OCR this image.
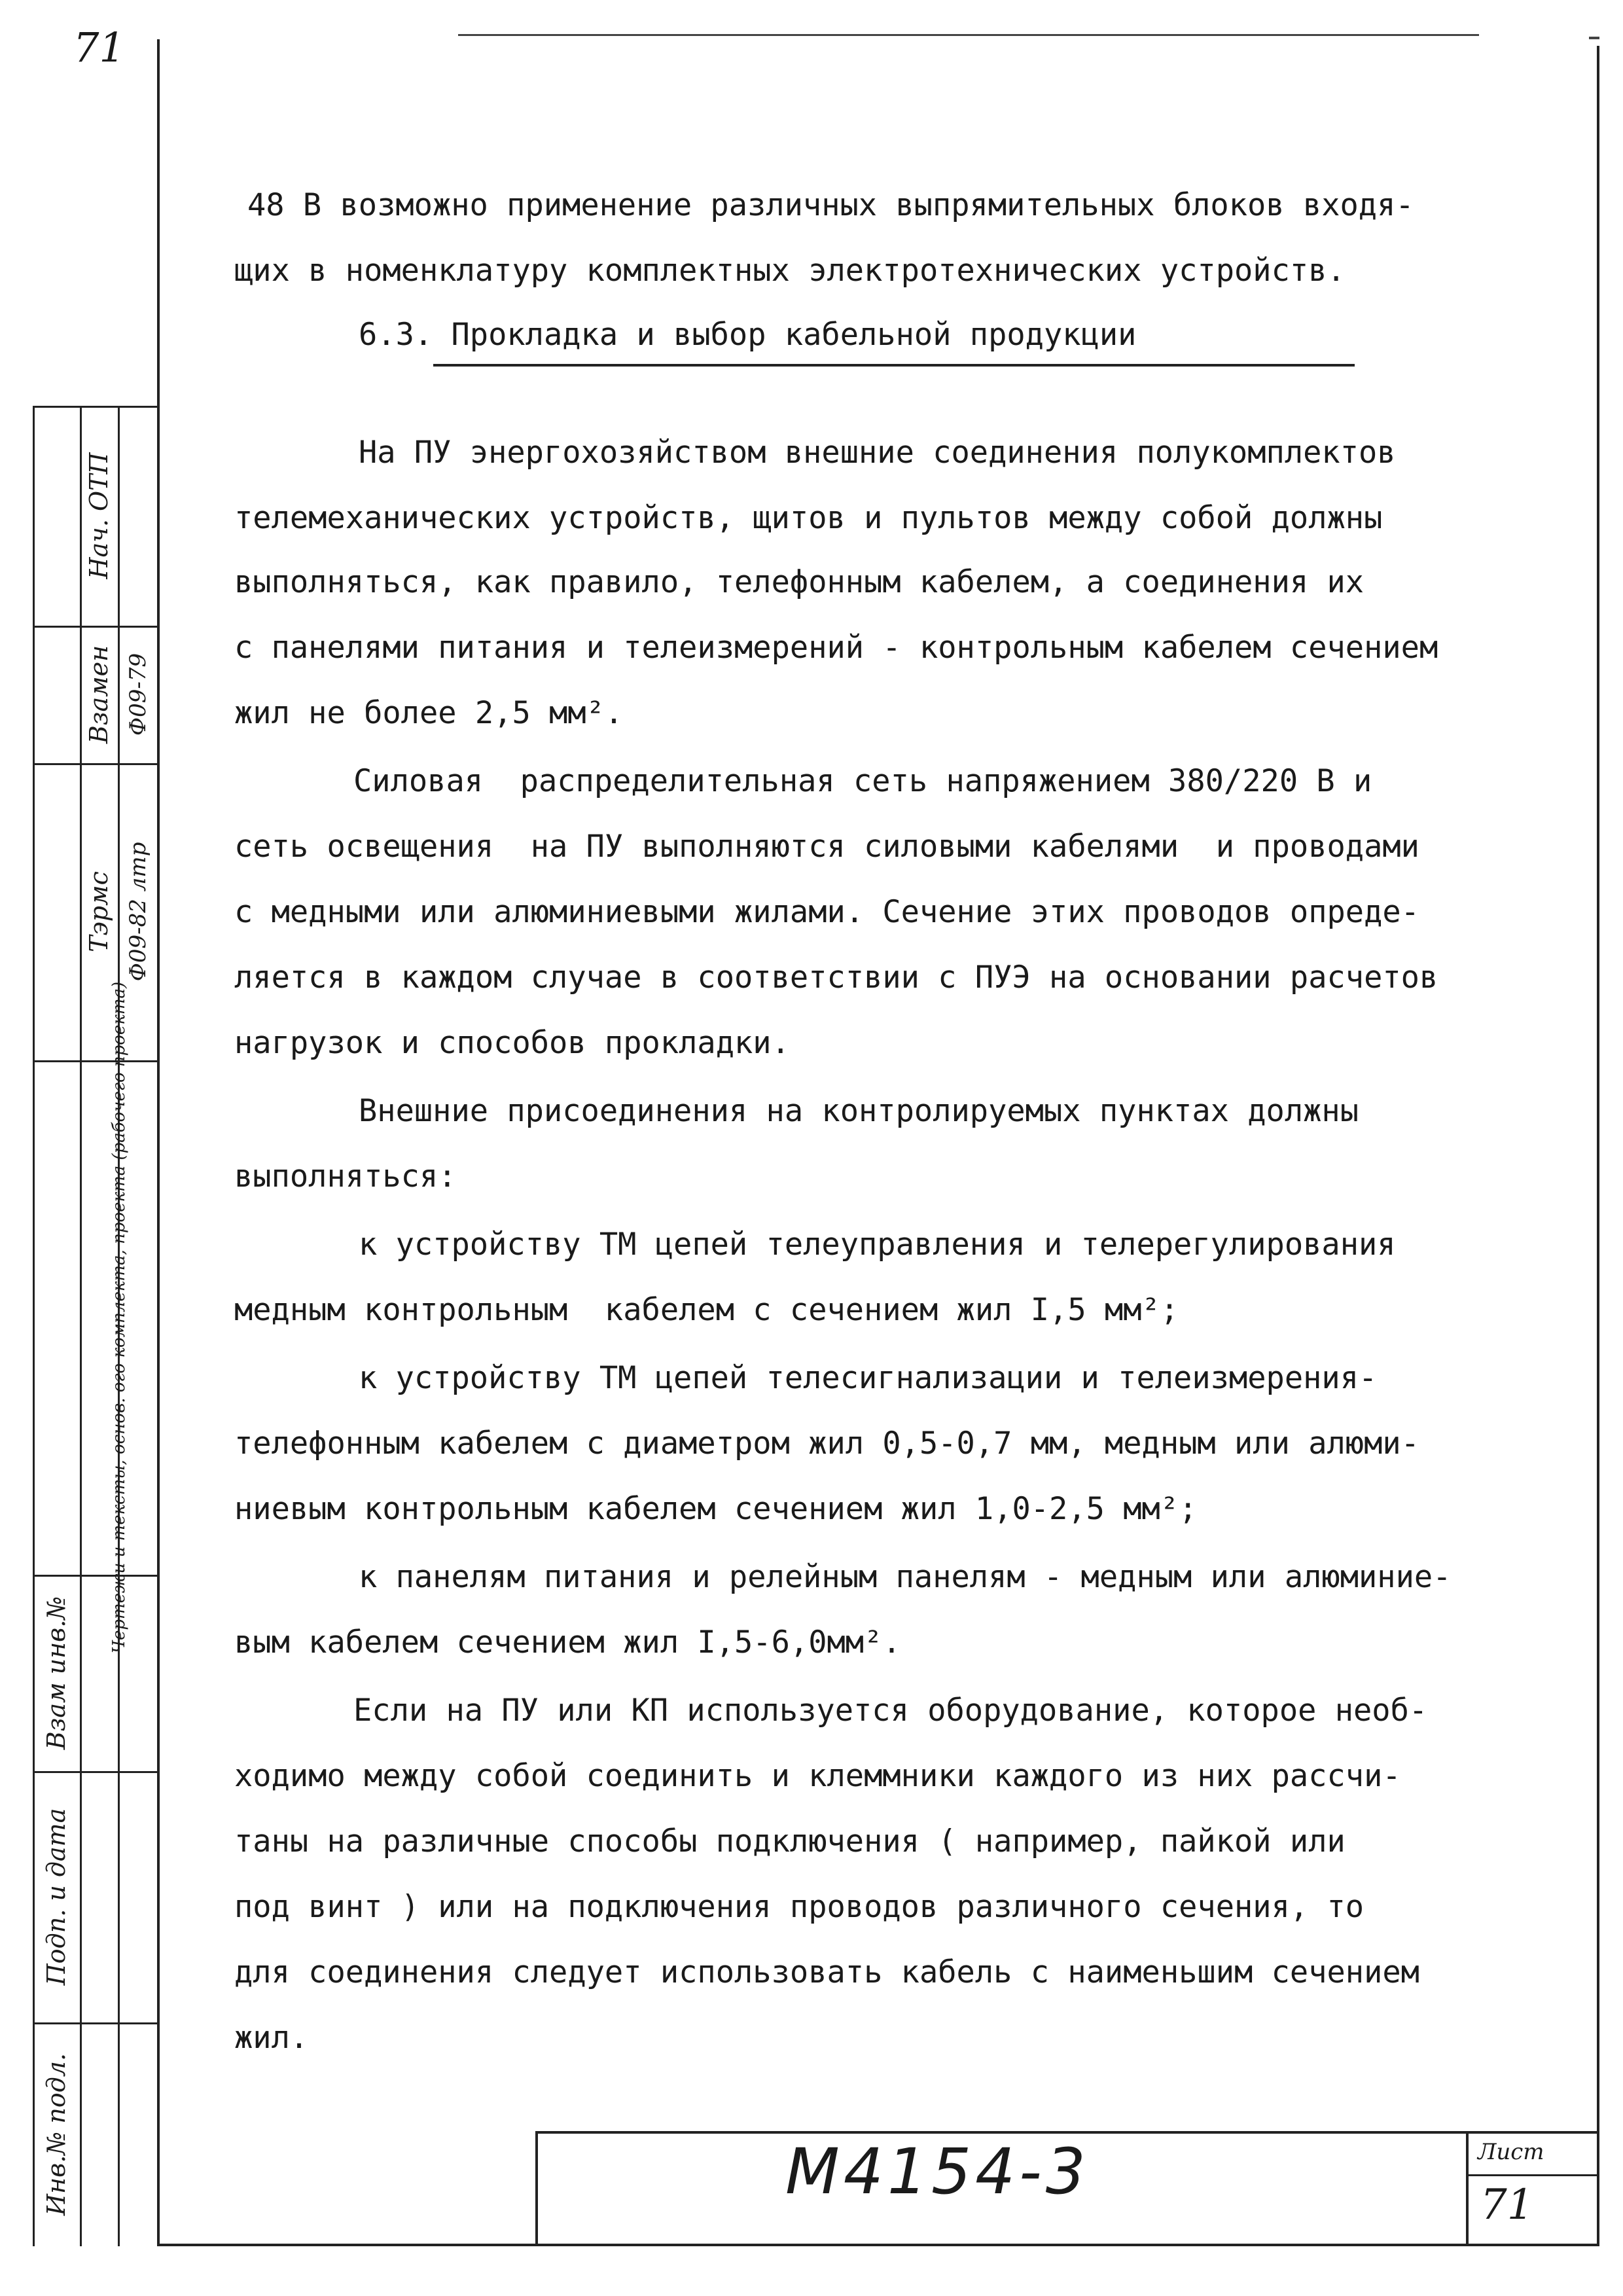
71
Нач. ОТП
Взамен Ф09-79
Тэрмс Ф09-82 лтр
Чертежи и тексты, основ. ого комплекта, проекта (рабочего проекта)
Взам инв.№
Подп. и дата
Инв.№ подл.
48 В возможно применение различных выпрямительных блоков входя-
щих в номенклатуру комплектных электротехнических устройств.
6.3. Прокладка и выбор кабельной продукции
На ПУ энергохозяйством внешние соединения полукомплектов
телемеханических устройств, щитов и пультов между собой должны
выполняться, как правило, телефонным кабелем, а соединения их
с панелями питания и телеизмерений - контрольным кабелем сечением
жил не более 2,5 мм².
Силовая  распределительная сеть напряжением 380/220 В и
сеть освещения  на ПУ выполняются силовыми кабелями  и проводами
с медными или алюминиевыми жилами. Сечение этих проводов опреде-
ляется в каждом случае в соответствии с ПУЭ на основании расчетов
нагрузок и способов прокладки.
Внешние присоединения на контролируемых пунктах должны
выполняться:
к устройству ТМ цепей телеуправления и телерегулирования
медным контрольным  кабелем с сечением жил I,5 мм²;
к устройству ТМ цепей телесигнализации и телеизмерения-
телефонным кабелем с диаметром жил 0,5-0,7 мм, медным или алюми-
ниевым контрольным кабелем сечением жил 1,0-2,5 мм²;
к панелям питания и релейным панелям - медным или алюминие-
вым кабелем сечением жил I,5-6,0мм².
Если на ПУ или КП используется оборудование, которое необ-
ходимо между собой соединить и клеммники каждого из них рассчи-
таны на различные способы подключения ( например, пайкой или
под винт ) или на подключения проводов различного сечения, то
для соединения следует использовать кабель с наименьшим сечением
жил.
М4154-3	Лист
71
